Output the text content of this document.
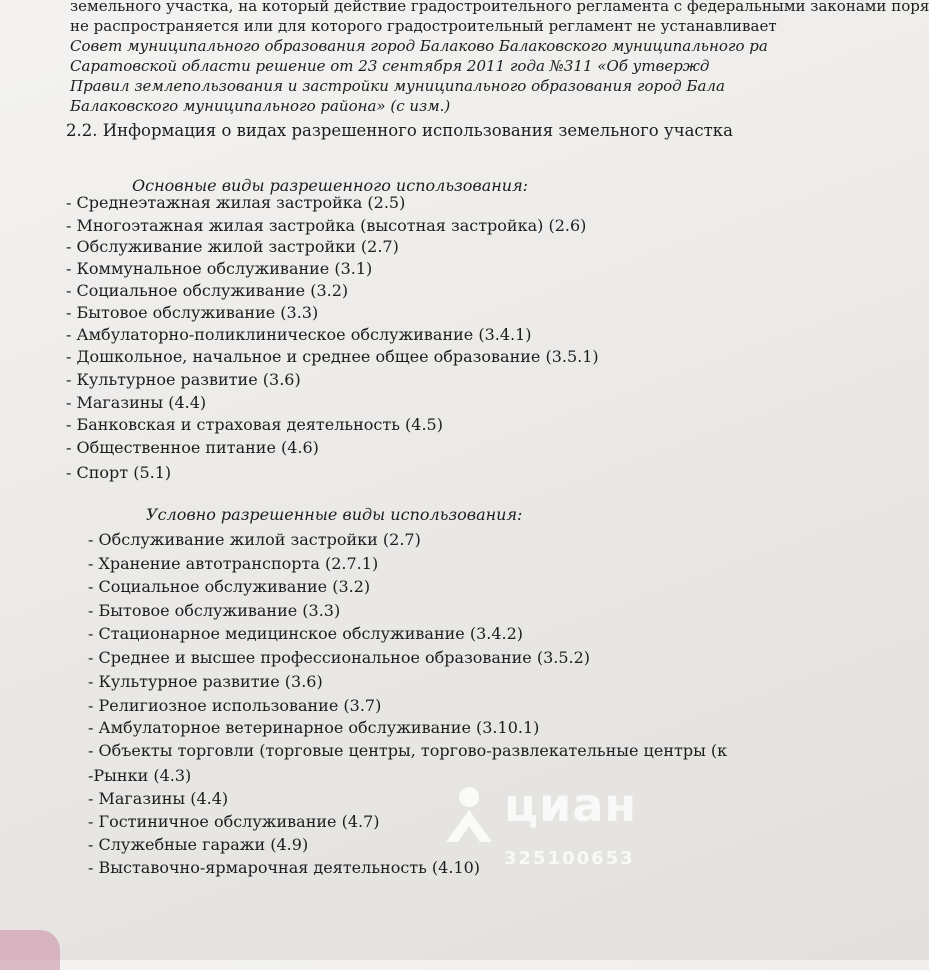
земельного участка, на который действие градостроительного регламента с федеральными законами поря
не распространяется или для которого градостроительный регламент не устанавливает
Совет муниципального образования город Балаково Балаковского муниципального ра
Саратовской области решение от 23 сентября 2011 года №311 «Об утвержд
Правил землепользования и застройки муниципального образования город Бала
Балаковского муниципального района» (с изм.)
2.2. Информация о видах разрешенного использования земельного участка
Основные виды разрешенного использования:
- Среднеэтажная жилая застройка (2.5)
- Многоэтажная жилая застройка (высотная застройка) (2.6)
- Обслуживание жилой застройки (2.7)
- Коммунальное обслуживание (3.1)
- Социальное обслуживание (3.2)
- Бытовое обслуживание (3.3)
- Амбулаторно-поликлиническое обслуживание (3.4.1)
- Дошкольное, начальное и среднее общее образование (3.5.1)
- Культурное развитие (3.6)
- Магазины (4.4)
- Банковская и страховая деятельность (4.5)
- Общественное питание (4.6)
- Спорт (5.1)
Условно разрешенные виды использования:
- Обслуживание жилой застройки (2.7)
- Хранение автотранспорта (2.7.1)
- Социальное обслуживание (3.2)
- Бытовое обслуживание (3.3)
- Стационарное медицинское обслуживание (3.4.2)
- Среднее и высшее профессиональное образование (3.5.2)
- Культурное развитие (3.6)
- Религиозное использование (3.7)
- Амбулаторное ветеринарное обслуживание (3.10.1)
- Объекты торговли (торговые центры, торгово-развлекательные центры (к
-Рынки (4.3)
- Магазины (4.4)
- Гостиничное обслуживание (4.7)
- Служебные гаражи (4.9)
- Выставочно-ярмарочная деятельность (4.10)
циан
325100653
